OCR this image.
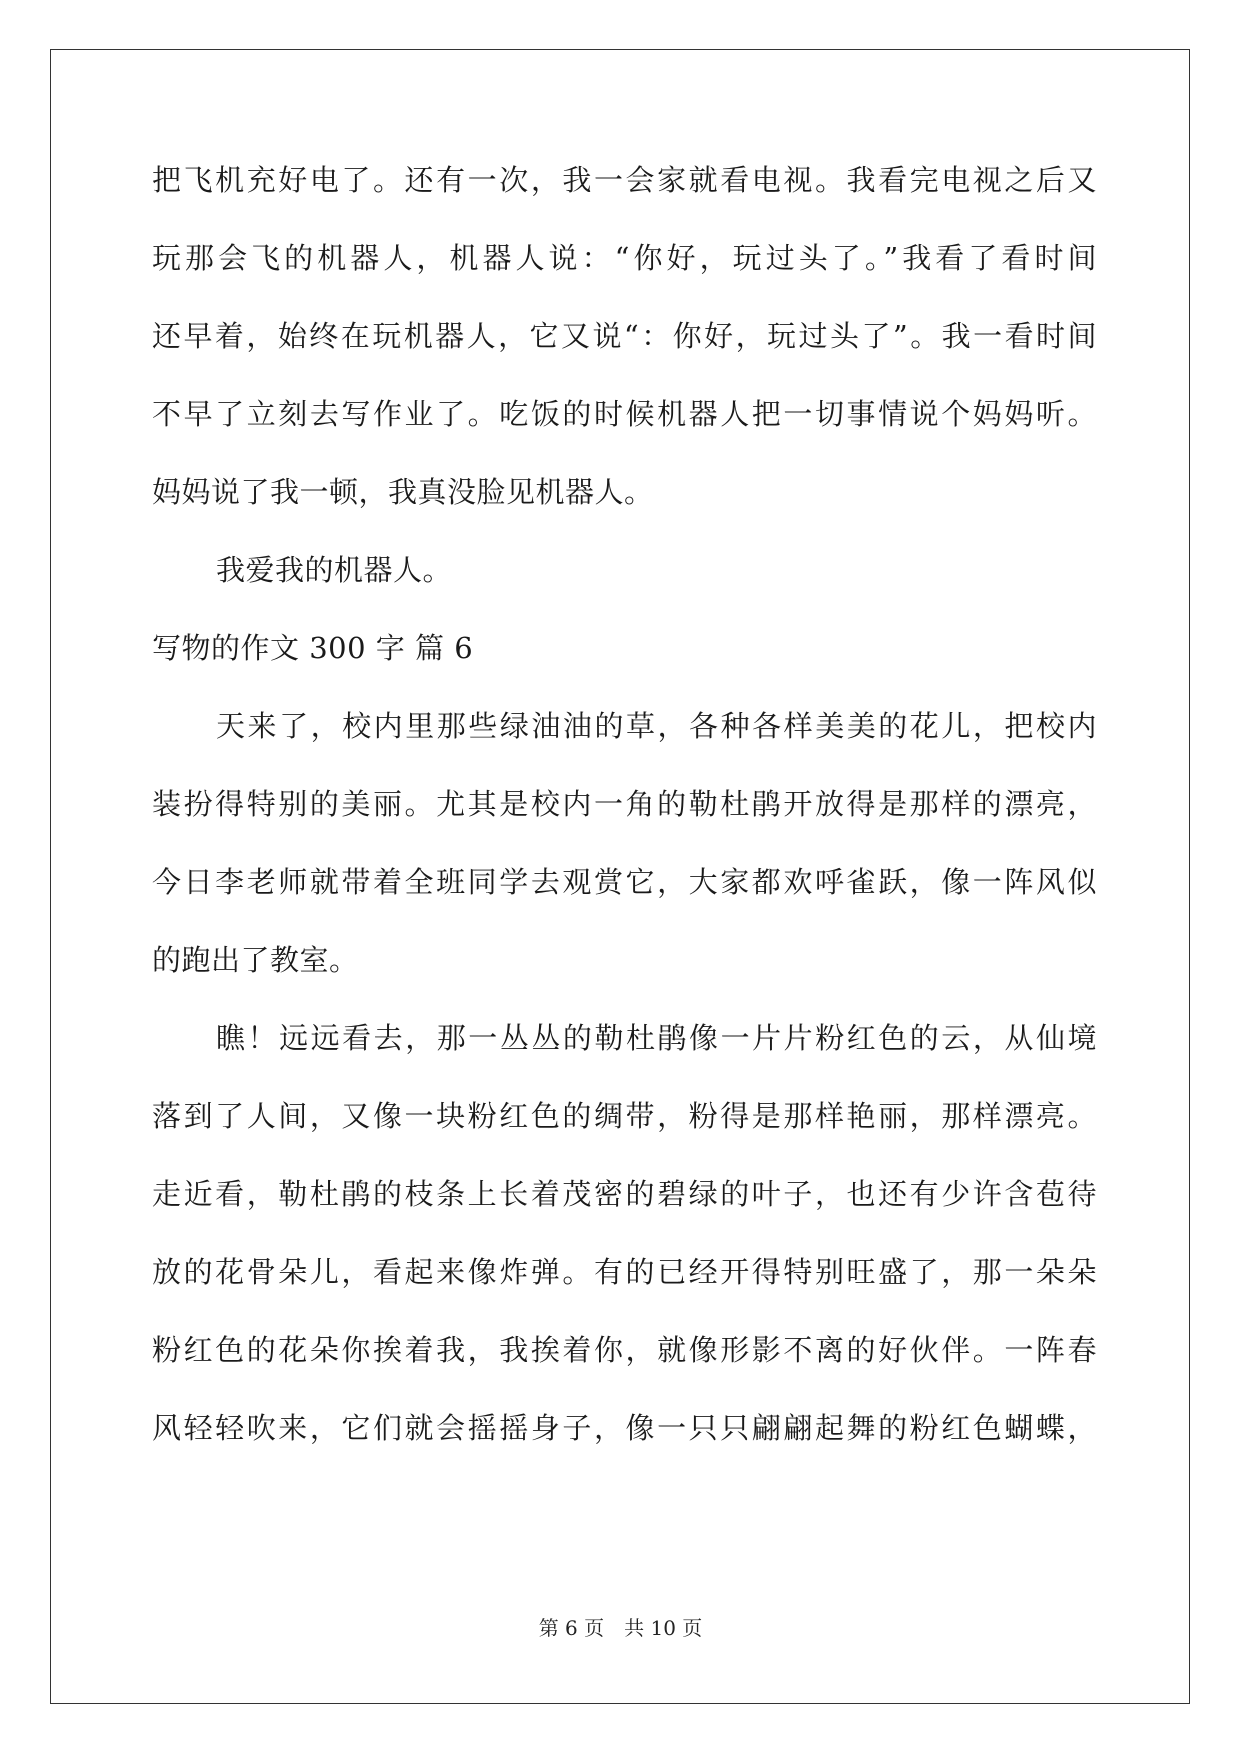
把飞机充好电了。还有一次，我一会家就看电视。我看完电视之后又
玩那会飞的机器人，机器人说：“你好，玩过头了。”我看了看时间
还早着，始终在玩机器人，它又说“：你好，玩过头了”。我一看时间
不早了立刻去写作业了。吃饭的时候机器人把一切事情说个妈妈听。
妈妈说了我一顿，我真没脸见机器人。
我爱我的机器人。
写物的作文 300 字 篇 6
天来了，校内里那些绿油油的草，各种各样美美的花儿，把校内
装扮得特别的美丽。尤其是校内一角的勒杜鹃开放得是那样的漂亮，
今日李老师就带着全班同学去观赏它，大家都欢呼雀跃，像一阵风似
的跑出了教室。
瞧！远远看去，那一丛丛的勒杜鹃像一片片粉红色的云，从仙境
落到了人间，又像一块粉红色的绸带，粉得是那样艳丽，那样漂亮。
走近看，勒杜鹃的枝条上长着茂密的碧绿的叶子，也还有少许含苞待
放的花骨朵儿，看起来像炸弹。有的已经开得特别旺盛了，那一朵朵
粉红色的花朵你挨着我，我挨着你，就像形影不离的好伙伴。一阵春
风轻轻吹来，它们就会摇摇身子，像一只只翩翩起舞的粉红色蝴蝶，
第 6 页 共 10 页
